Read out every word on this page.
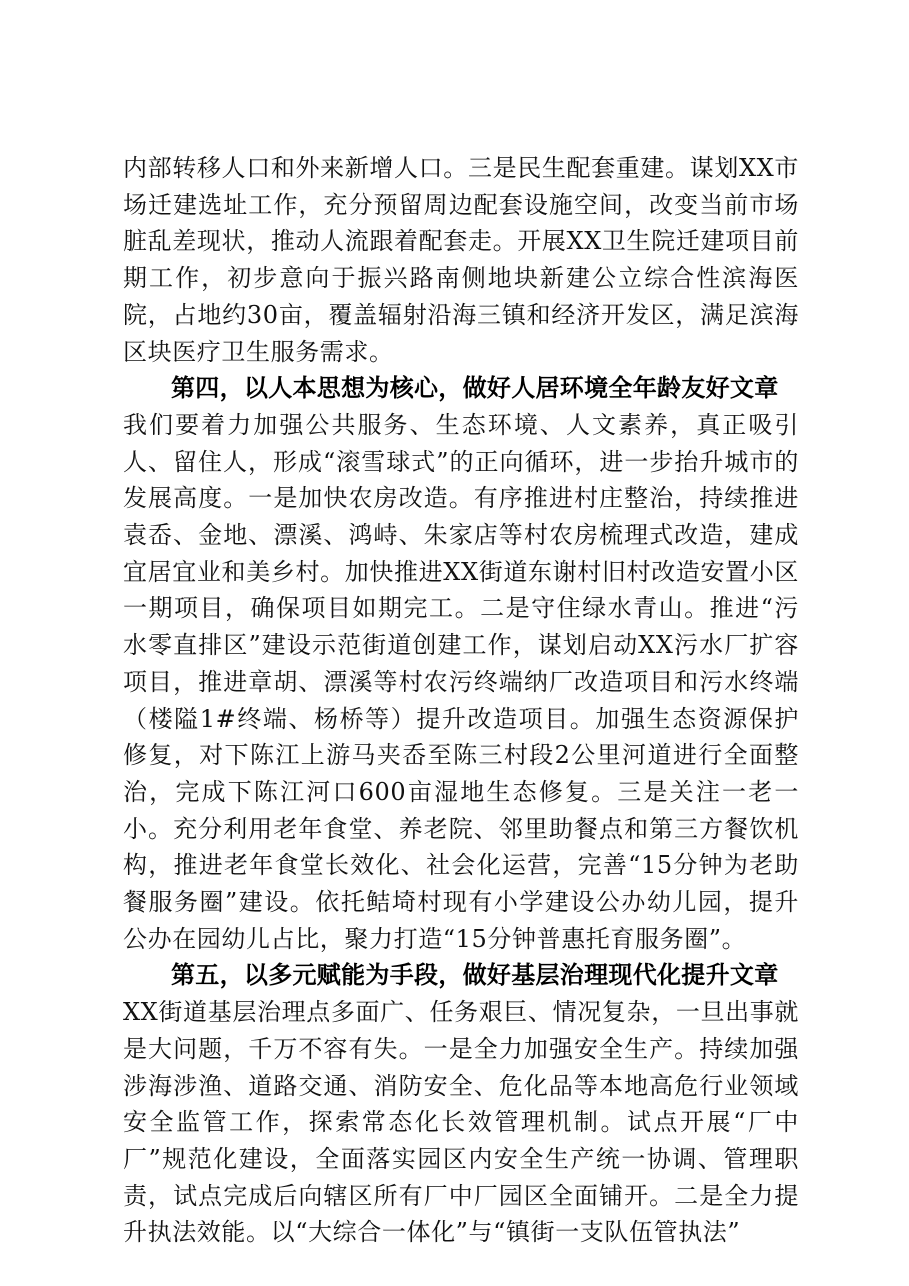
内部转移人口和外来新增人口。三是民生配套重建。谋划XX市场迁建选址工作，充分预留周边配套设施空间，改变当前市场脏乱差现状，推动人流跟着配套走。开展XX卫生院迁建项目前期工作，初步意向于振兴路南侧地块新建公立综合性滨海医院，占地约30亩，覆盖辐射沿海三镇和经济开发区，满足滨海区块医疗卫生服务需求。

第四，以人本思想为核心，做好人居环境全年龄友好文章

我们要着力加强公共服务、生态环境、人文素养，真正吸引人、留住人，形成“滚雪球式”的正向循环，进一步抬升城市的发展高度。一是加快农房改造。有序推进村庄整治，持续推进袁岙、金地、漂溪、鸿峙、朱家店等村农房梳理式改造，建成宜居宜业和美乡村。加快推进XX街道东谢村旧村改造安置小区一期项目，确保项目如期完工。二是守住绿水青山。推进“污水零直排区”建设示范街道创建工作，谋划启动XX污水厂扩容项目，推进章胡、漂溪等村农污终端纳厂改造项目和污水终端（楼隘1#终端、杨桥等）提升改造项目。加强生态资源保护修复，对下陈江上游马夹岙至陈三村段2公里河道进行全面整治，完成下陈江河口600亩湿地生态修复。三是关注一老一小。充分利用老年食堂、养老院、邻里助餐点和第三方餐饮机构，推进老年食堂长效化、社会化运营，完善“15分钟为老助餐服务圈”建设。依托鲒埼村现有小学建设公办幼儿园，提升公办在园幼儿占比，聚力打造“15分钟普惠托育服务圈”。

第五，以多元赋能为手段，做好基层治理现代化提升文章

XX街道基层治理点多面广、任务艰巨、情况复杂，一旦出事就是大问题，千万不容有失。一是全力加强安全生产。持续加强涉海涉渔、道路交通、消防安全、危化品等本地高危行业领域安全监管工作，探索常态化长效管理机制。试点开展“厂中厂”规范化建设，全面落实园区内安全生产统一协调、管理职责，试点完成后向辖区所有厂中厂园区全面铺开。二是全力提升执法效能。以“大综合一体化”与“镇街一支队伍管执法”
